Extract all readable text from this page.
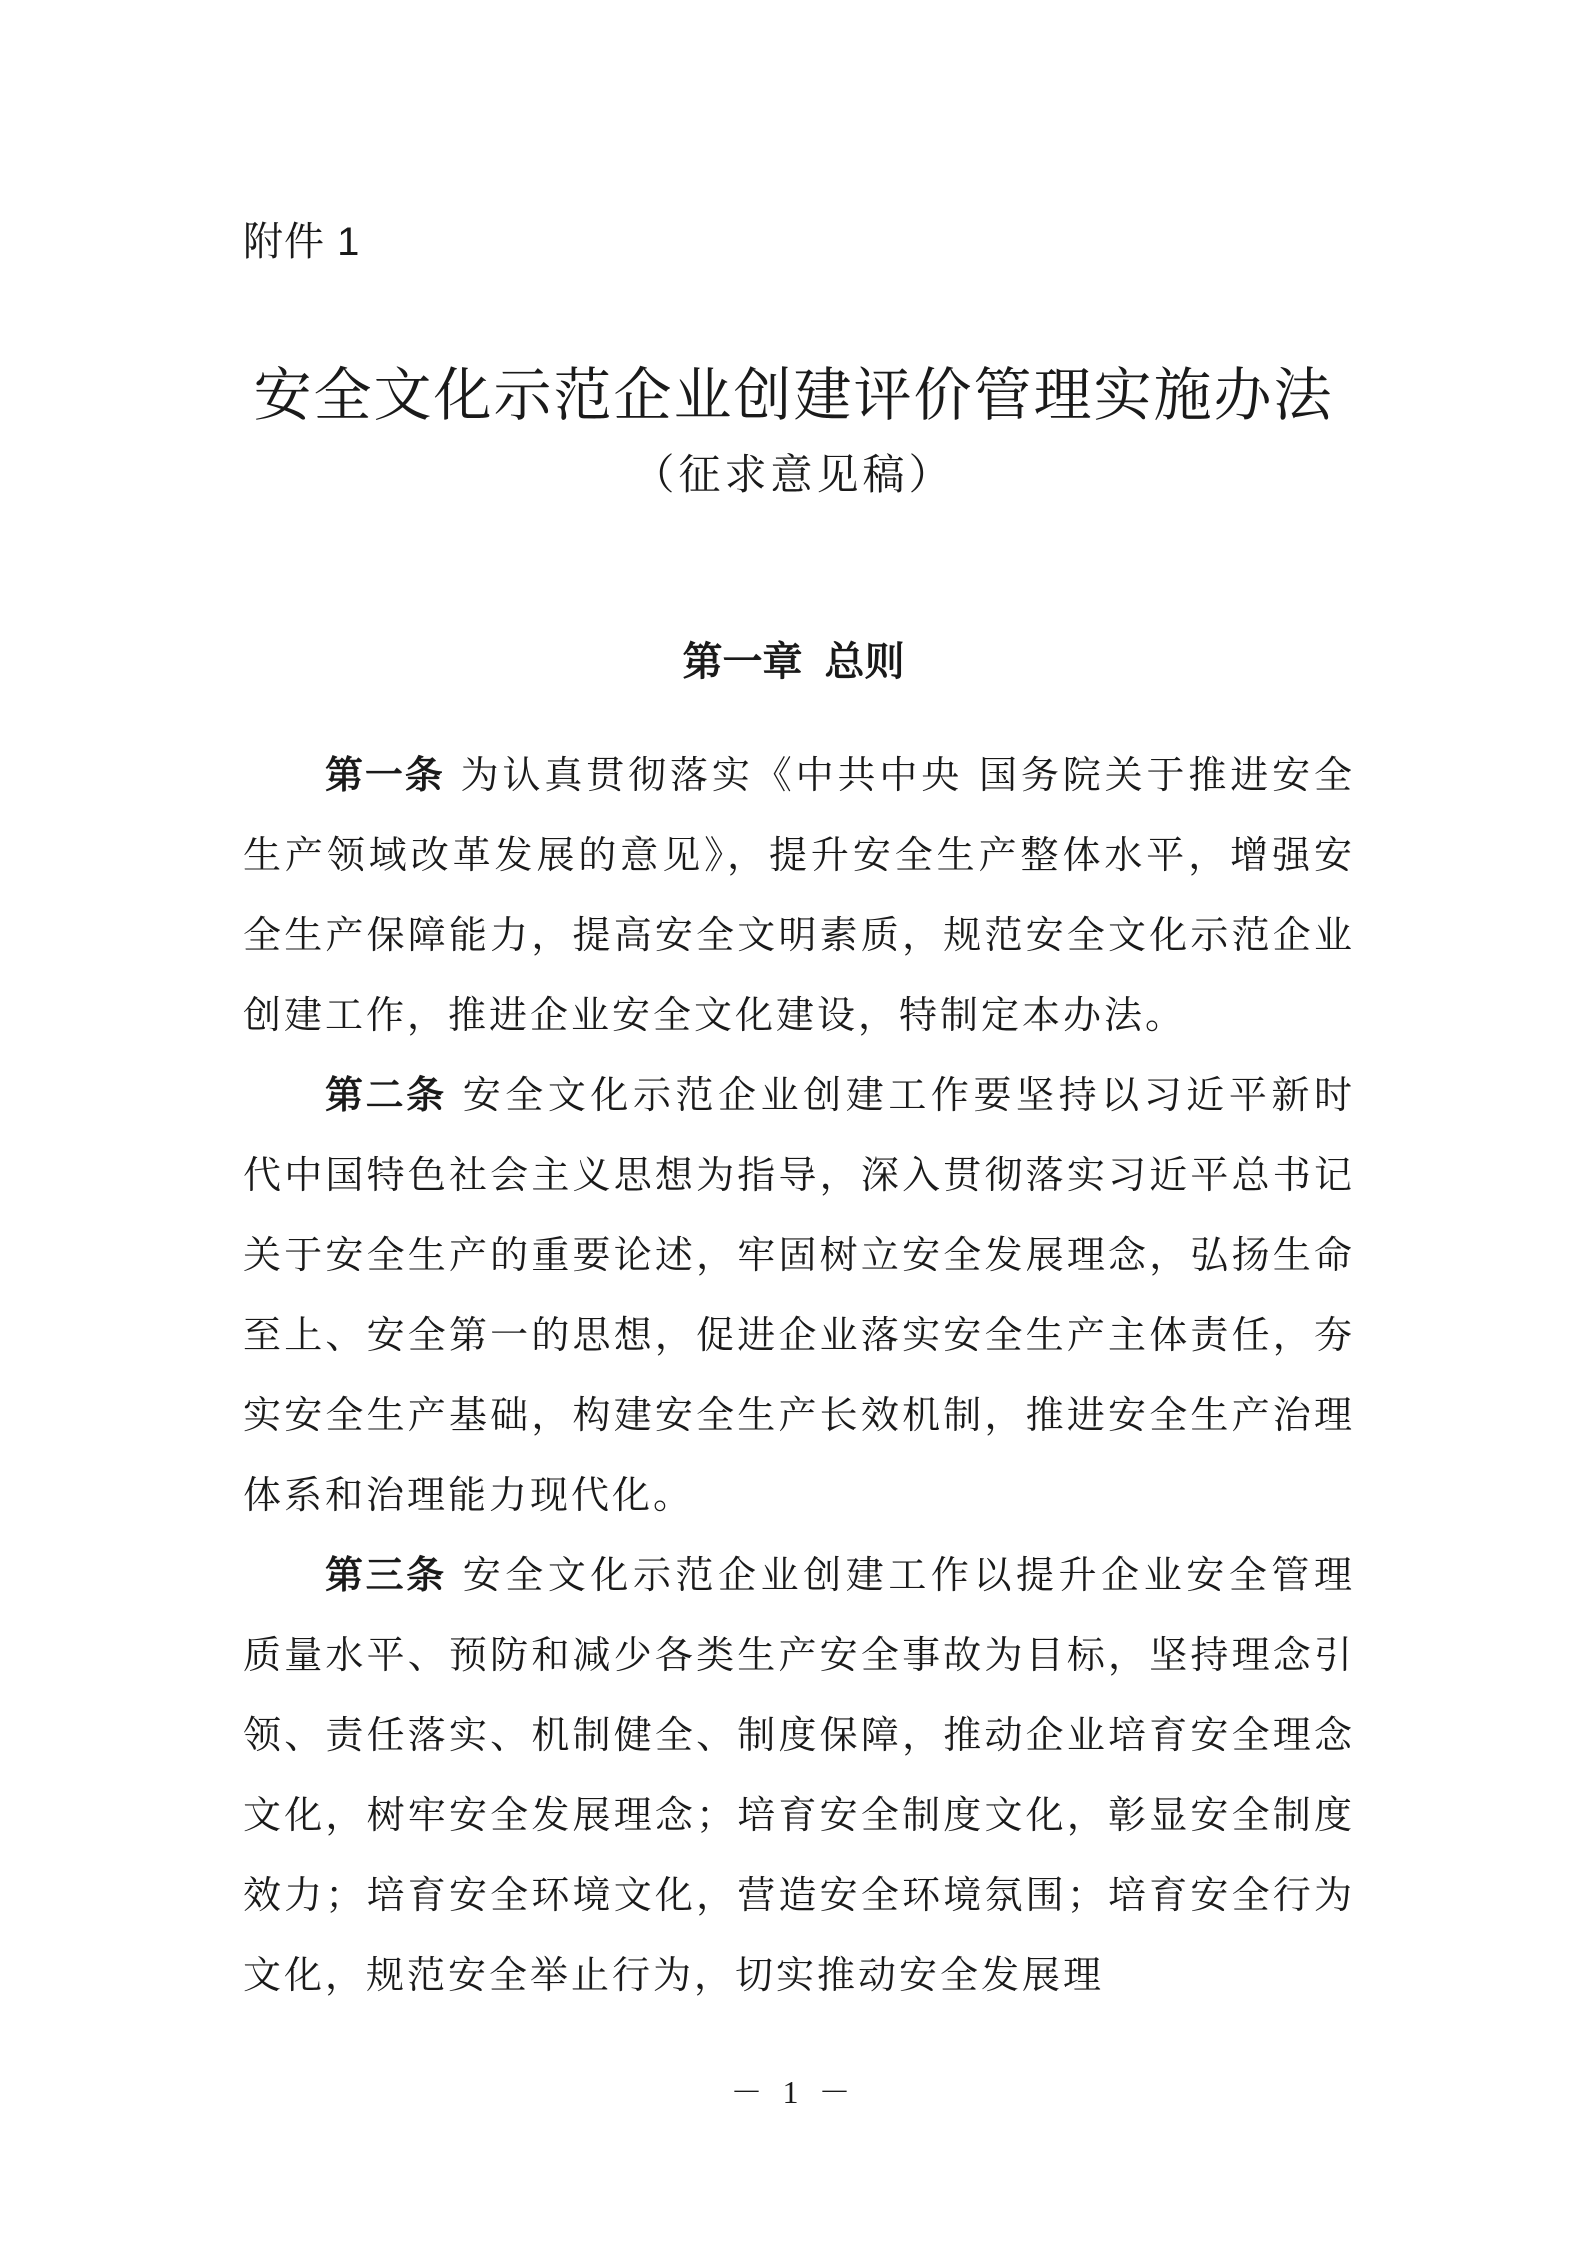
附件 1
安全文化示范企业创建评价管理实施办法
（征求意见稿）
第一章 总则

第一条 为认真贯彻落实《中共中央 国务院关于推进安全生产领域改革发展的意见》，提升安全生产整体水平，增强安全生产保障能力，提高安全文明素质，规范安全文化示范企业创建工作，推进企业安全文化建设，特制定本办法。

第二条 安全文化示范企业创建工作要坚持以习近平新时代中国特色社会主义思想为指导，深入贯彻落实习近平总书记关于安全生产的重要论述，牢固树立安全发展理念，弘扬生命至上、安全第一的思想，促进企业落实安全生产主体责任，夯实安全生产基础，构建安全生产长效机制，推进安全生产治理体系和治理能力现代化。

第三条 安全文化示范企业创建工作以提升企业安全管理质量水平、预防和减少各类生产安全事故为目标，坚持理念引领、责任落实、机制健全、制度保障，推动企业培育安全理念文化，树牢安全发展理念；培育安全制度文化，彰显安全制度效力；培育安全环境文化，营造安全环境氛围；培育安全行为文化，规范安全举止行为，切实推动安全发展理

－ 1 －
